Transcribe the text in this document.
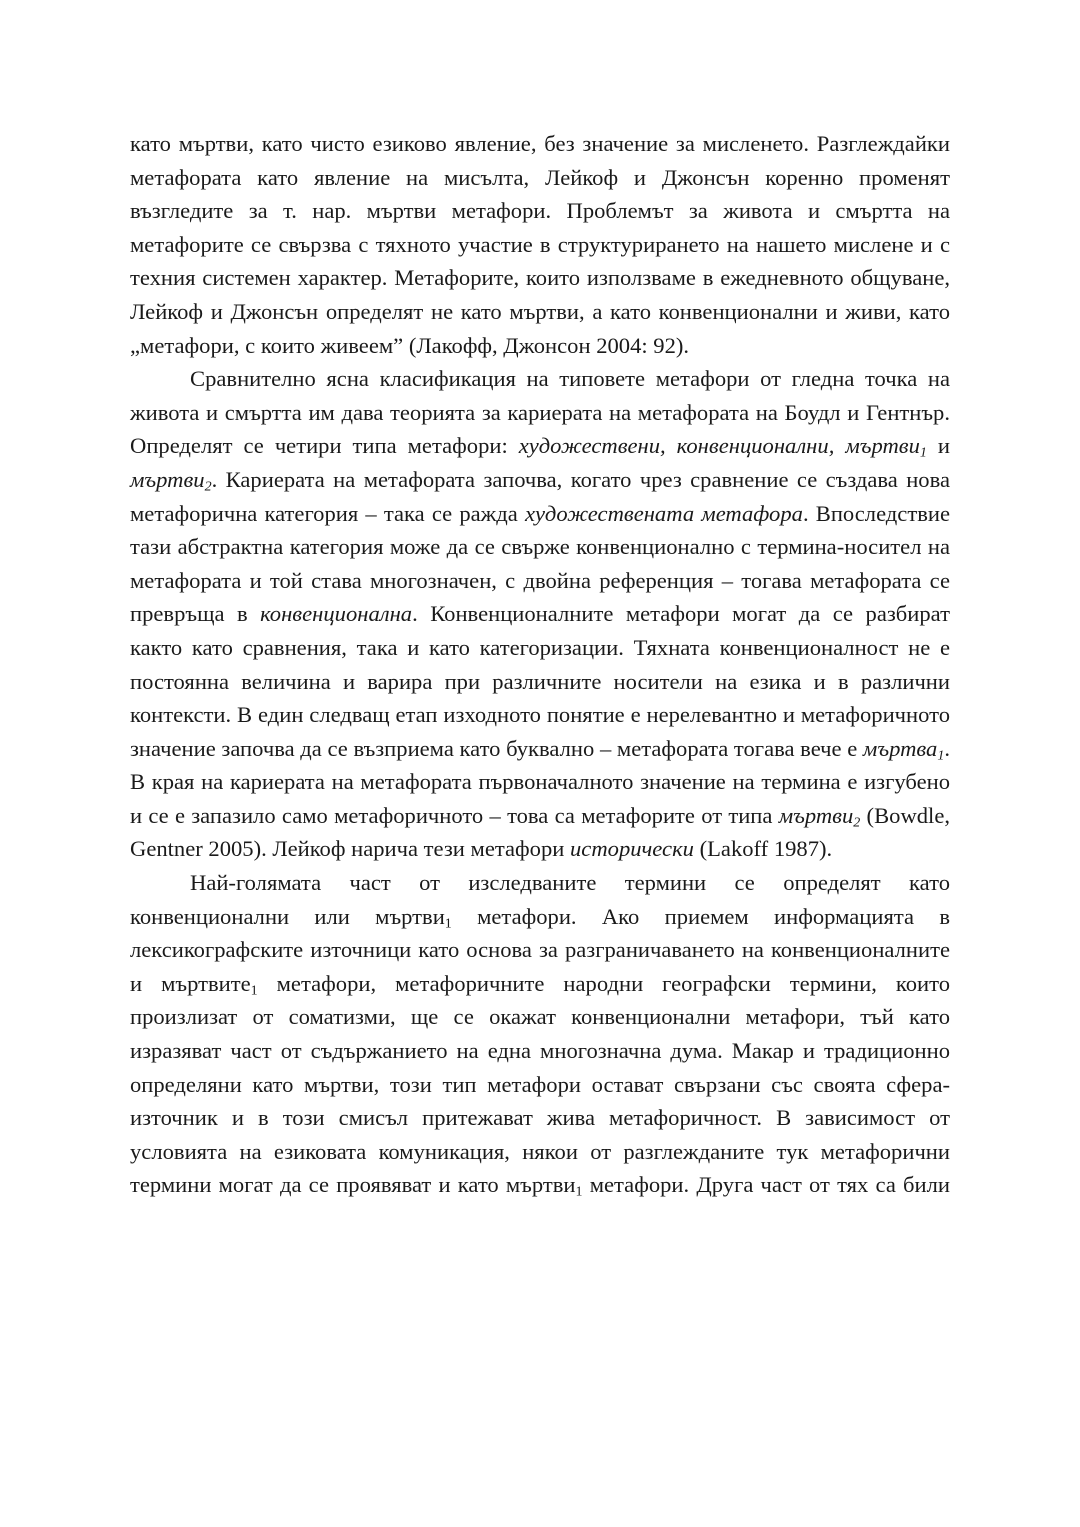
като мъртви, като чисто езиково явление, без значение за мисленето. Разглеждайки метафората като явление на мисълта, Лейкоф и Джонсън коренно променят възгледите за т. нар. мъртви метафори. Проблемът за живота и смъртта на метафорите се свързва с тяхното участие в структурирането на нашето мислене и с техния системен характер. Метафорите, които използваме в ежедневното общуване, Лейкоф и Джонсън определят не като мъртви, а като конвенционални и живи, като „метафори, с които живеем” (Лакофф, Джонсон 2004: 92).

Сравнително ясна класификация на типовете метафори от гледна точка на живота и смъртта им дава теорията за кариерата на метафората на Боудл и Гентнър. Определят се четири типа метафори: художествени, конвенционални, мъртви1 и мъртви2. Кариерата на метафората започва, когато чрез сравнение се създава нова метафорична категория – така се ражда художествената метафора. Впоследствие тази абстрактна категория може да се свърже конвенционално с термина-носител на метафората и той става многозначен, с двойна референция – тогава метафората се превръща в конвенционална. Конвенционалните метафори могат да се разбират както като сравнения, така и като категоризации. Тяхната конвенционалност не е постоянна величина и варира при различните носители на езика и в различни контексти. В един следващ етап изходното понятие е нерелевантно и метафоричното значение започва да се възприема като буквално – метафората тогава вече е мъртва1. В края на кариерата на метафората първоначалното значение на термина е изгубено и се е запазило само метафоричното – това са метафорите от типа мъртви2 (Bowdle, Gentner 2005). Лейкоф нарича тези метафори исторически (Lakoff 1987).

Най-голямата част от изследваните термини се определят като конвенционални или мъртви$_1$ метафори. Ако приемем информацията в лексикографските източници като основа за разграничаването на конвенционалните и мъртвите$_1$ метафори, метафоричните народни географски термини, които произлизат от соматизми, ще се окажат конвенционални метафори, тъй като изразяват част от съдържанието на една многозначна дума. Макар и традиционно определяни като мъртви, този тип метафори остават свързани със своята сфера-източник и в този смисъл притежават жива метафоричност. В зависимост от условията на езиковата комуникация, някои от разглежданите тук метафорични термини могат да се проявяват и като мъртви$_1$ метафори. Друга част от тях са били
